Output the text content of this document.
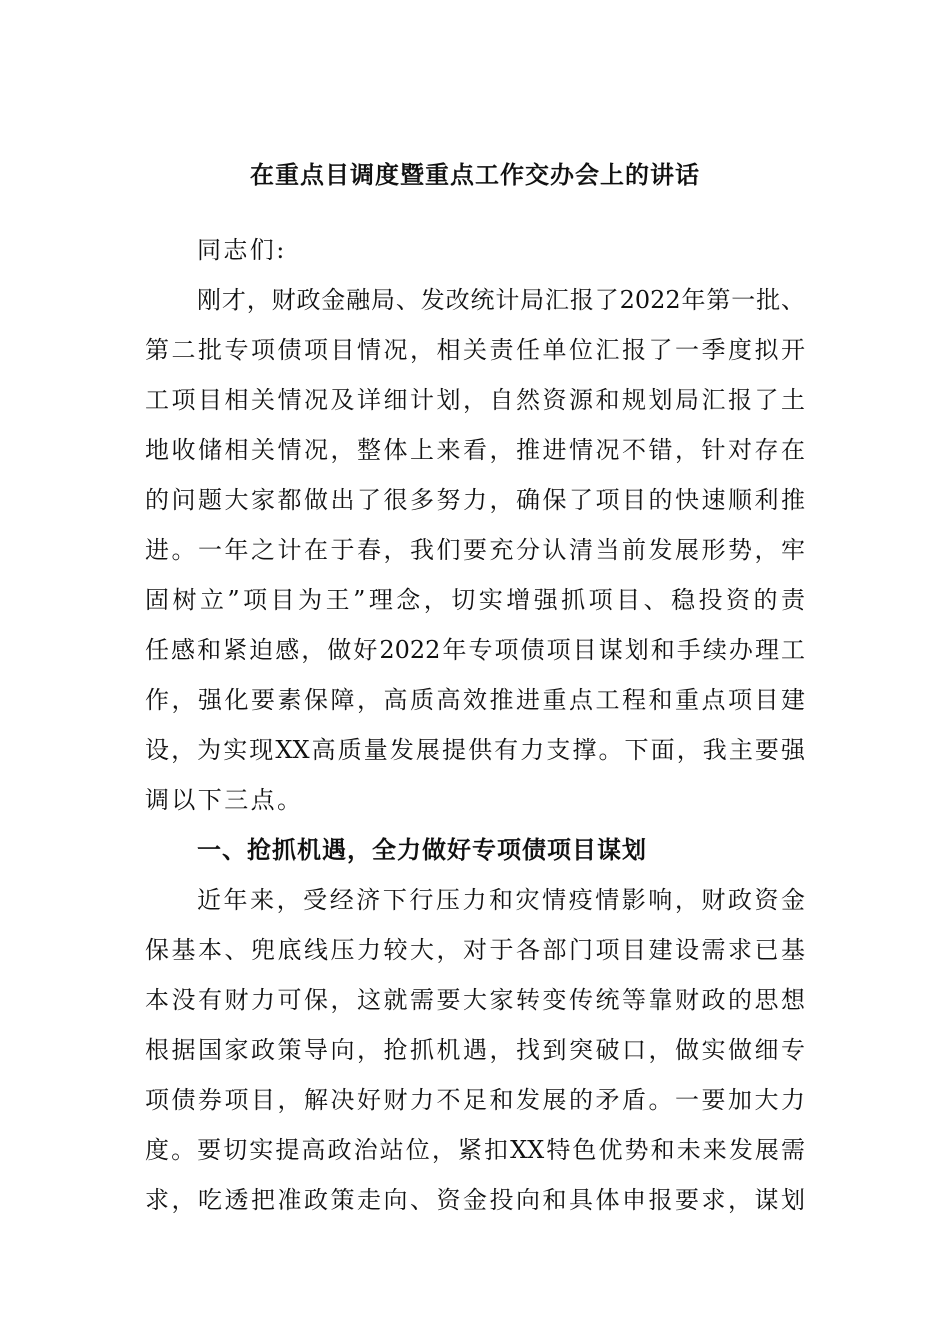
在重点目调度暨重点工作交办会上的讲话
同志们:
刚才，财政金融局、发改统计局汇报了2022年第一批、
第二批专项债项目情况，相关责任单位汇报了一季度拟开
工项目相关情况及详细计划，自然资源和规划局汇报了土
地收储相关情况，整体上来看，推进情况不错，针对存在
的问题大家都做出了很多努力，确保了项目的快速顺利推
进。一年之计在于春，我们要充分认清当前发展形势，牢
固树立”项目为王”理念，切实增强抓项目、稳投资的责
任感和紧迫感，做好2022年专项债项目谋划和手续办理工
作，强化要素保障，高质高效推进重点工程和重点项目建
设，为实现XX高质量发展提供有力支撑。下面，我主要强
调以下三点。
一、抢抓机遇，全力做好专项债项目谋划
近年来，受经济下行压力和灾情疫情影响，财政资金
保基本、兜底线压力较大，对于各部门项目建设需求已基
本没有财力可保，这就需要大家转变传统等靠财政的思想
根据国家政策导向，抢抓机遇，找到突破口，做实做细专
项债券项目，解决好财力不足和发展的矛盾。一要加大力
度。要切实提高政治站位，紧扣XX特色优势和未来发展需
求，吃透把准政策走向、资金投向和具体申报要求，谋划
